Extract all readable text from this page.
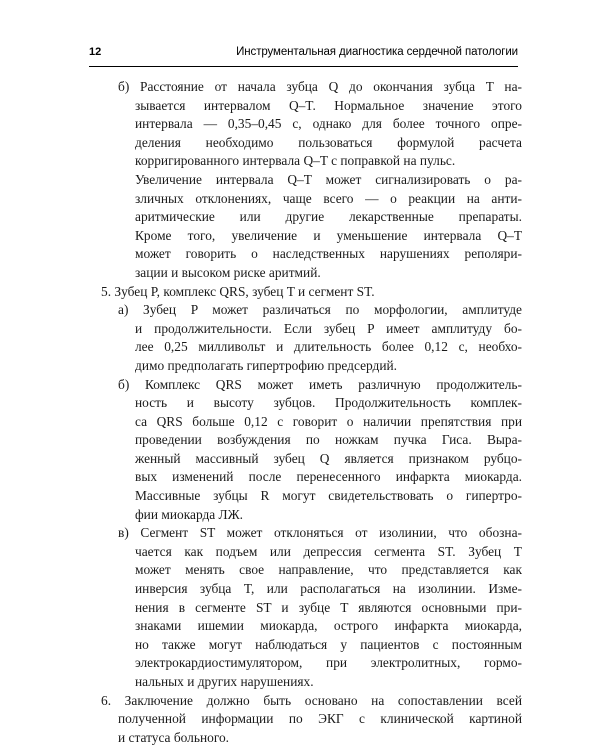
12	Инструментальная диагностика сердечной патологии
б) Расстояние от начала зубца Q до окончания зубца T на-
зывается интервалом Q–T. Нормальное значение этого
интервала — 0,35–0,45 с, однако для более точного опре-
деления необходимо пользоваться формулой расчета
корригированного интервала Q–T с поправкой на пульс.
Увеличение интервала Q–T может сигнализировать о ра-
зличных отклонениях, чаще всего — о реакции на анти-
аритмические или другие лекарственные препараты.
Кроме того, увеличение и уменьшение интервала Q–T
может говорить о наследственных нарушениях реполяри-
зации и высоком риске аритмий.
5. Зубец P, комплекс QRS, зубец T и сегмент ST.
а) Зубец P может различаться по морфологии, амплитуде
и продолжительности. Если зубец P имеет амплитуду бо-
лее 0,25 милливольт и длительность более 0,12 с, необхо-
димо предполагать гипертрофию предсердий.
б) Комплекс QRS может иметь различную продолжитель-
ность и высоту зубцов. Продолжительность комплек-
са QRS больше 0,12 с говорит о наличии препятствия при
проведении возбуждения по ножкам пучка Гиса. Выра-
женный массивный зубец Q является признаком рубцо-
вых изменений после перенесенного инфаркта миокарда.
Массивные зубцы R могут свидетельствовать о гипертро-
фии миокарда ЛЖ.
в) Сегмент ST может отклоняться от изолинии, что обозна-
чается как подъем или депрессия сегмента ST. Зубец T
может менять свое направление, что представляется как
инверсия зубца T, или располагаться на изолинии. Изме-
нения в сегменте ST и зубце T являются основными при-
знаками ишемии миокарда, острого инфаркта миокарда,
но также могут наблюдаться у пациентов с постоянным
электрокардиостимулятором, при электролитных, гормо-
нальных и других нарушениях.
6. Заключение должно быть основано на сопоставлении всей
полученной информации по ЭКГ с клинической картиной
и статуса больного.
